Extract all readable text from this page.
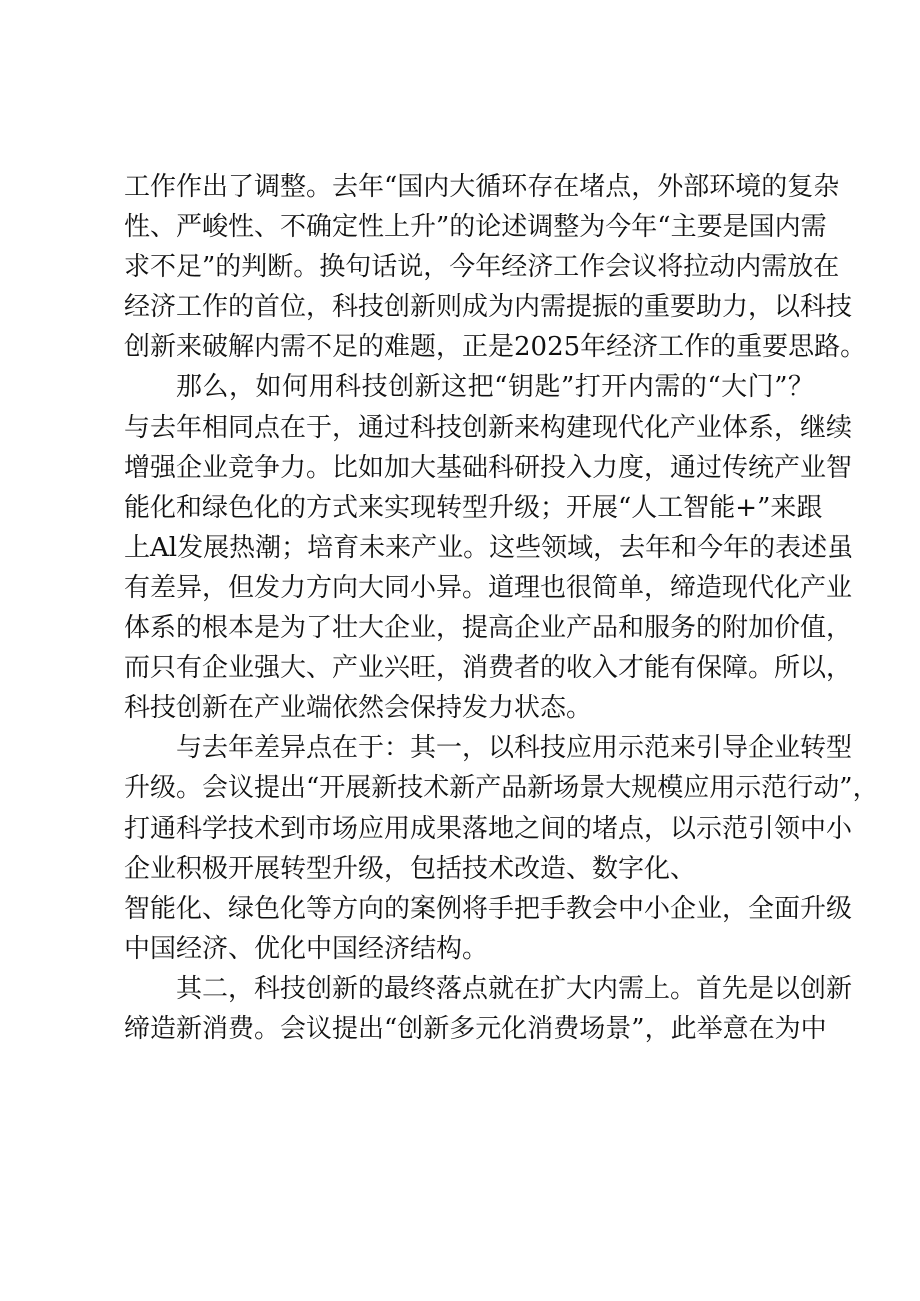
工作作出了调整。去年“国内大循环存在堵点，外部环境的复杂
性、严峻性、不确定性上升”的论述调整为今年“主要是国内需
求不足”的判断。换句话说，今年经济工作会议将拉动内需放在
经济工作的首位，科技创新则成为内需提振的重要助力，以科技
创新来破解内需不足的难题，正是2025年经济工作的重要思路。
那么，如何用科技创新这把“钥匙”打开内需的“大门”？
与去年相同点在于，通过科技创新来构建现代化产业体系，继续
增强企业竞争力。比如加大基础科研投入力度，通过传统产业智
能化和绿色化的方式来实现转型升级；开展“人工智能+”来跟
上Al发展热潮；培育未来产业。这些领域，去年和今年的表述虽
有差异，但发力方向大同小异。道理也很简单，缔造现代化产业
体系的根本是为了壮大企业，提高企业产品和服务的附加价值，
而只有企业强大、产业兴旺，消费者的收入才能有保障。所以，
科技创新在产业端依然会保持发力状态。
与去年差异点在于：其一，以科技应用示范来引导企业转型
升级。会议提出“开展新技术新产品新场景大规模应用示范行动”，
打通科学技术到市场应用成果落地之间的堵点，以示范引领中小
企业积极开展转型升级，包括技术改造、数字化、
智能化、绿色化等方向的案例将手把手教会中小企业，全面升级
中国经济、优化中国经济结构。
其二，科技创新的最终落点就在扩大内需上。首先是以创新
缔造新消费。会议提出“创新多元化消费场景”，此举意在为中
